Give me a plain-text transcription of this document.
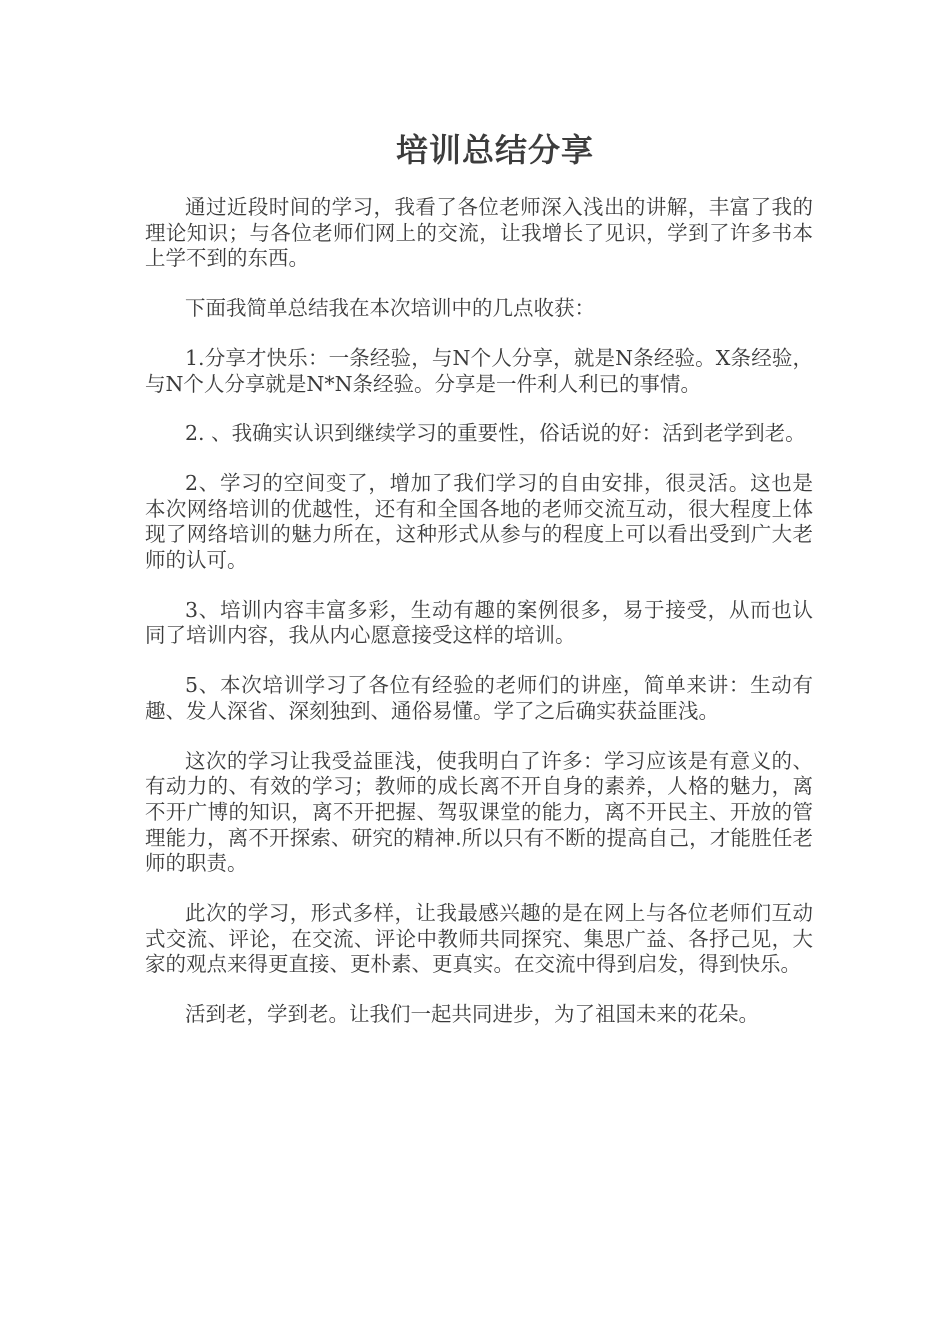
培训总结分享

通过近段时间的学习，我看了各位老师深入浅出的讲解，丰富了我的理论知识；与各位老师们网上的交流，让我增长了见识，学到了许多书本上学不到的东西。

下面我简单总结我在本次培训中的几点收获：

1.分享才快乐：一条经验，与N个人分享，就是N条经验。X条经验，与N个人分享就是N*N条经验。分享是一件利人利已的事情。

2. 、我确实认识到继续学习的重要性，俗话说的好：活到老学到老。

2、学习的空间变了，增加了我们学习的自由安排，很灵活。这也是本次网络培训的优越性，还有和全国各地的老师交流互动，很大程度上体现了网络培训的魅力所在，这种形式从参与的程度上可以看出受到广大老师的认可。

3、培训内容丰富多彩，生动有趣的案例很多，易于接受，从而也认同了培训内容，我从内心愿意接受这样的培训。

5、本次培训学习了各位有经验的老师们的讲座，简单来讲：生动有趣、发人深省、深刻独到、通俗易懂。学了之后确实获益匪浅。

这次的学习让我受益匪浅，使我明白了许多：学习应该是有意义的、有动力的、有效的学习；教师的成长离不开自身的素养，人格的魅力，离不开广博的知识，离不开把握、驾驭课堂的能力，离不开民主、开放的管理能力，离不开探索、研究的精神.所以只有不断的提高自己，才能胜任老师的职责。

此次的学习，形式多样，让我最感兴趣的是在网上与各位老师们互动式交流、评论，在交流、评论中教师共同探究、集思广益、各抒己见，大家的观点来得更直接、更朴素、更真实。在交流中得到启发，得到快乐。

活到老，学到老。让我们一起共同进步，为了祖国未来的花朵。
